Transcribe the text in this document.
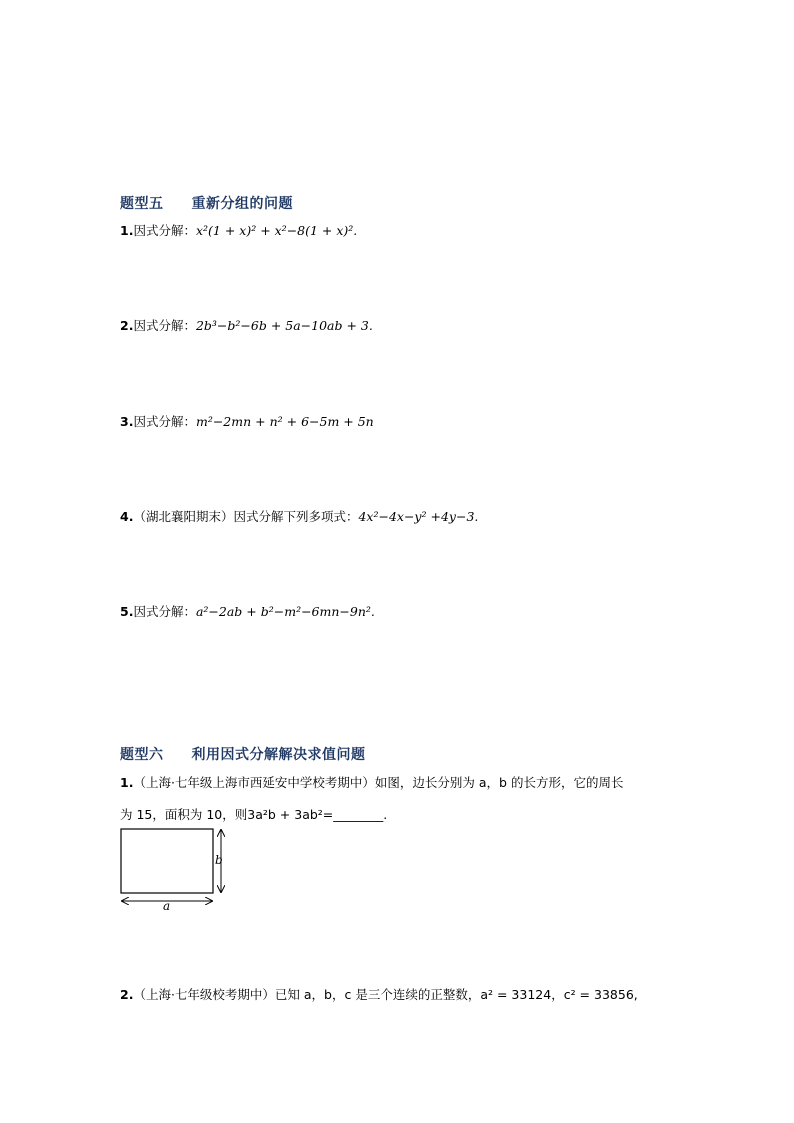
题型五 重新分组的问题
1.因式分解：x²(1 + x)² + x²−8(1 + x)².
2.因式分解：2b³−b²−6b + 5a−10ab + 3.
3.因式分解：m²−2mn + n² + 6−5m + 5n
4.（湖北襄阳期末）因式分解下列多项式：4x²−4x−y² +4y−3.
5.因式分解：a²−2ab + b²−m²−6mn−9n².
题型六 利用因式分解解决求值问题
1.（上海·七年级上海市西延安中学校考期中）如图，边长分别为 a，b 的长方形，它的周长
为 15，面积为 10，则3a²b + 3ab²=________.
b
a
2.（上海·七年级校考期中）已知 a，b，c 是三个连续的正整数，a² = 33124，c² = 33856,
